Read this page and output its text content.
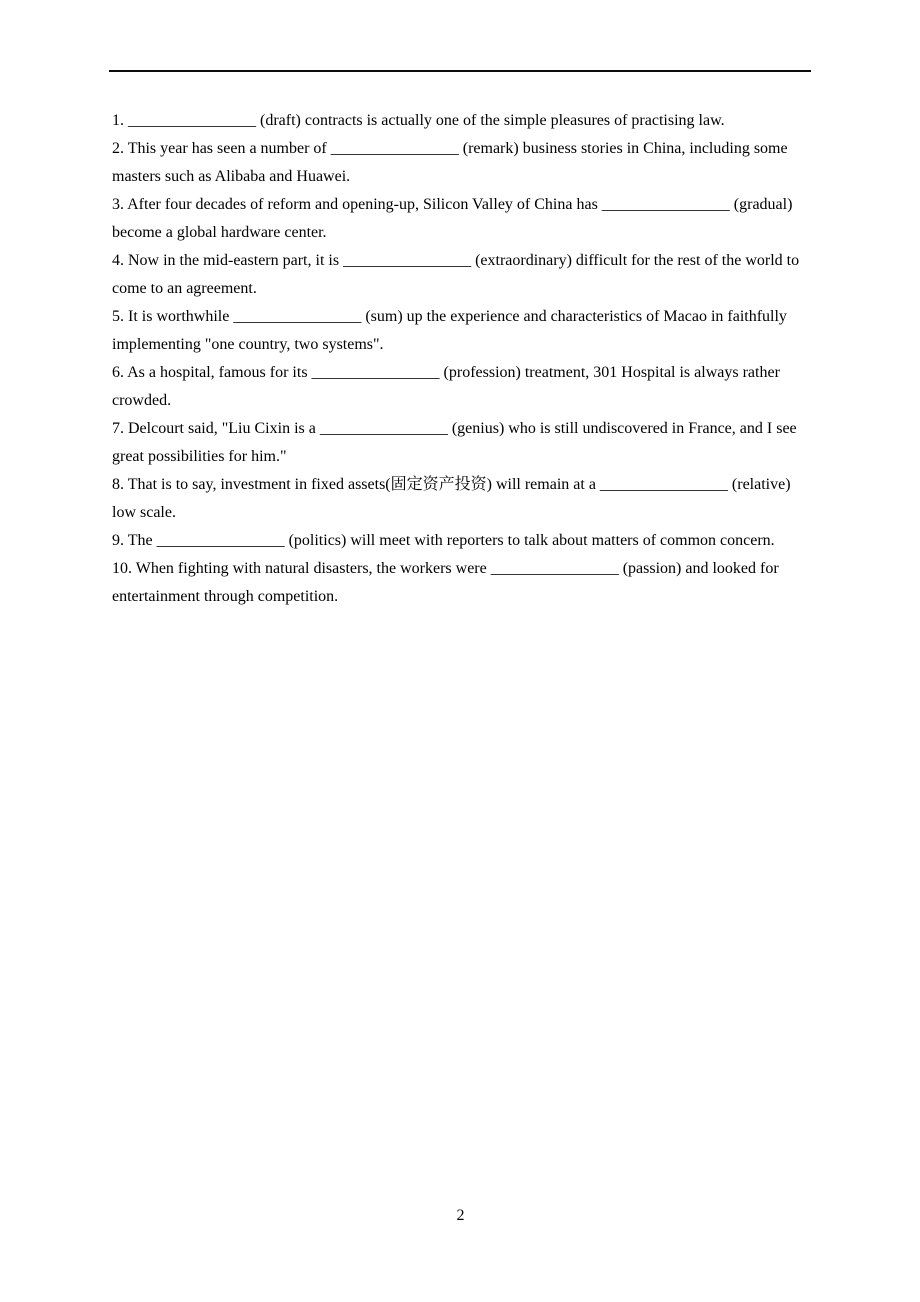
1. ________________ (draft) contracts is actually one of the simple pleasures of practising law.
2. This year has seen a number of ________________ (remark) business stories in China, including some
masters such as Alibaba and Huawei.
3. After four decades of reform and opening-up, Silicon Valley of China has ________________ (gradual)
become a global hardware center.
4. Now in the mid-eastern part, it is ________________ (extraordinary) difficult for the rest of the world to
come to an agreement.
5. It is worthwhile ________________ (sum) up the experience and characteristics of Macao in faithfully
implementing "one country, two systems".
6. As a hospital, famous for its ________________ (profession) treatment, 301 Hospital is always rather
crowded.
7. Delcourt said, "Liu Cixin is a ________________ (genius) who is still undiscovered in France, and I see
great possibilities for him."
8. That is to say, investment in fixed assets(固定资产投资) will remain at a ________________ (relative)
low scale.
9. The ________________ (politics) will meet with reporters to talk about matters of common concern.
10. When fighting with natural disasters, the workers were ________________ (passion) and looked for
entertainment through competition.
2
